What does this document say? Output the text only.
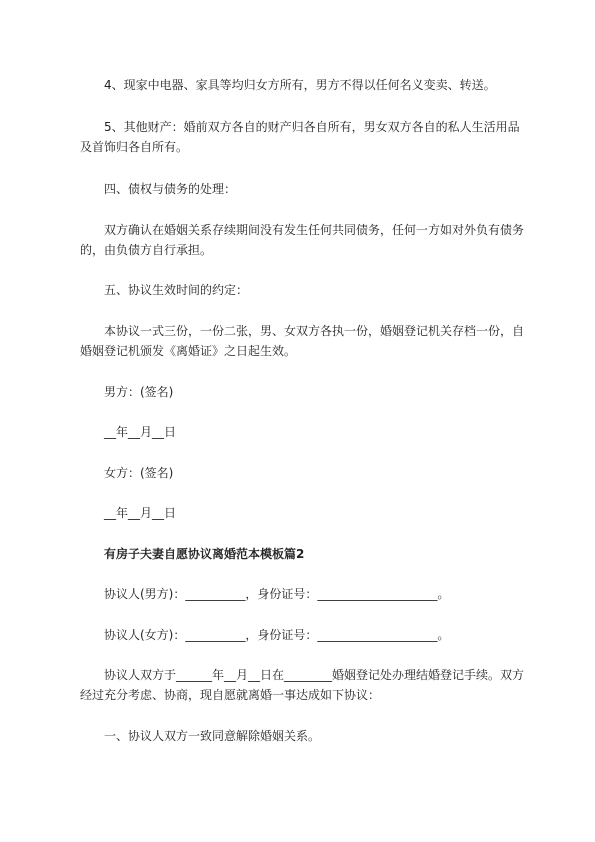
4、现家中电器、家具等均归女方所有，男方不得以任何名义变卖、转送。
5、其他财产：婚前双方各自的财产归各自所有，男女双方各自的私人生活用品
及首饰归各自所有。
四、债权与债务的处理：
双方确认在婚姻关系存续期间没有发生任何共同债务，任何一方如对外负有债务
的，由负债方自行承担。
五、协议生效时间的约定：
本协议一式三份，一份二张，男、女双方各执一份，婚姻登记机关存档一份，自
婚姻登记机颁发《离婚证》之日起生效。
男方：(签名)
__年__月__日
女方：(签名)
__年__月__日
有房子夫妻自愿协议离婚范本模板篇2
协议人(男方)：__________，身份证号：____________________。
协议人(女方)：__________，身份证号：____________________。
协议人双方于______年__月__日在________婚姻登记处办理结婚登记手续。双方
经过充分考虑、协商，现自愿就离婚一事达成如下协议：
一、协议人双方一致同意解除婚姻关系。
